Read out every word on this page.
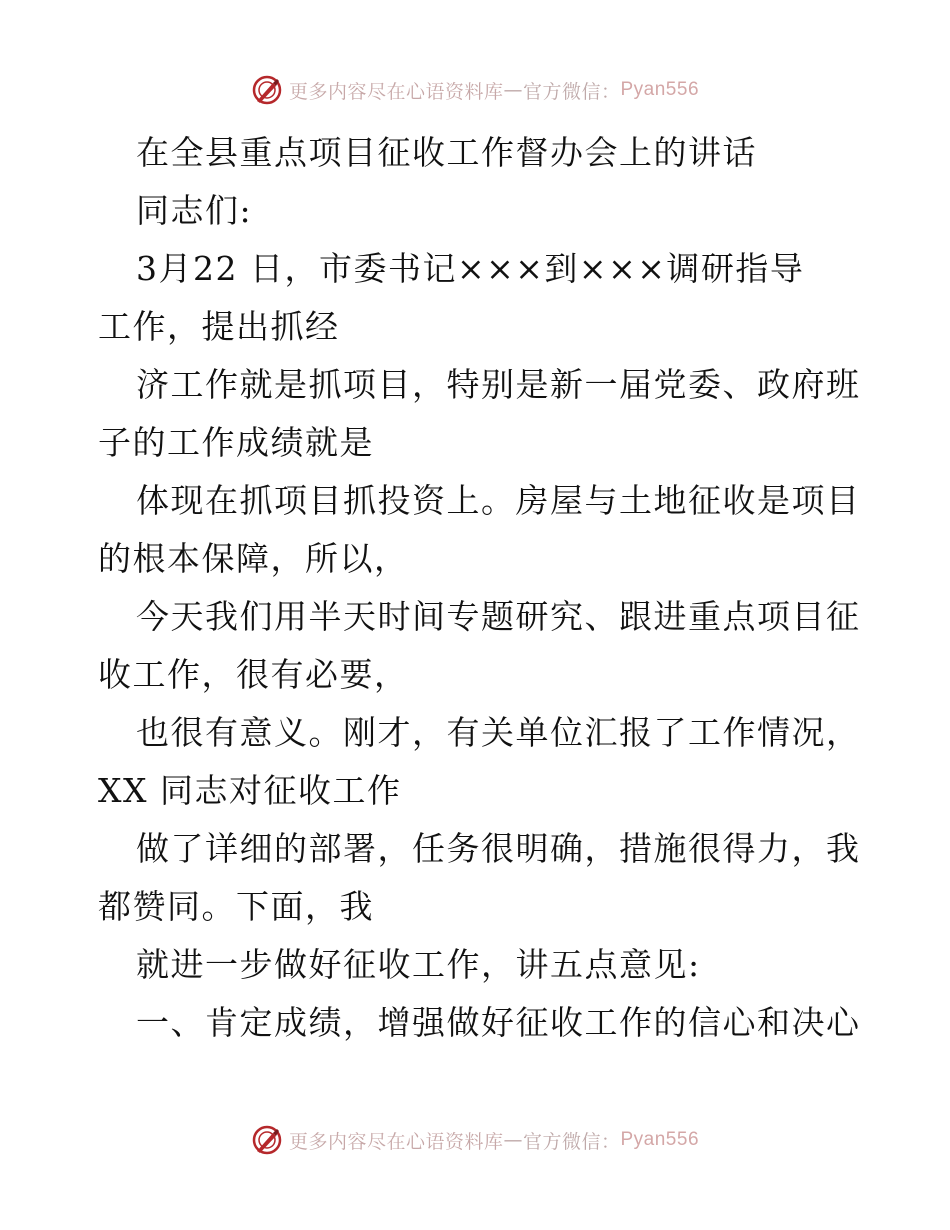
更多内容尽在心语资料库 — 官方微信： Pyan556
在全县重点项目征收工作督办会上的讲话
同志们:
3月22 日，市委书记×××到×××调研指导
工作，提出抓经
济工作就是抓项目，特别是新一届党委、政府班
子的工作成绩就是
体现在抓项目抓投资上。房屋与土地征收是项目
的根本保障，所以，
今天我们用半天时间专题研究、跟进重点项目征
收工作，很有必要，
也很有意义。刚才，有关单位汇报了工作情况，
XX 同志对征收工作
做了详细的部署，任务很明确，措施很得力，我
都赞同。下面，我
就进一步做好征收工作，讲五点意见:
一、肯定成绩，增强做好征收工作的信心和决心
更多内容尽在心语资料库 — 官方微信： Pyan556
